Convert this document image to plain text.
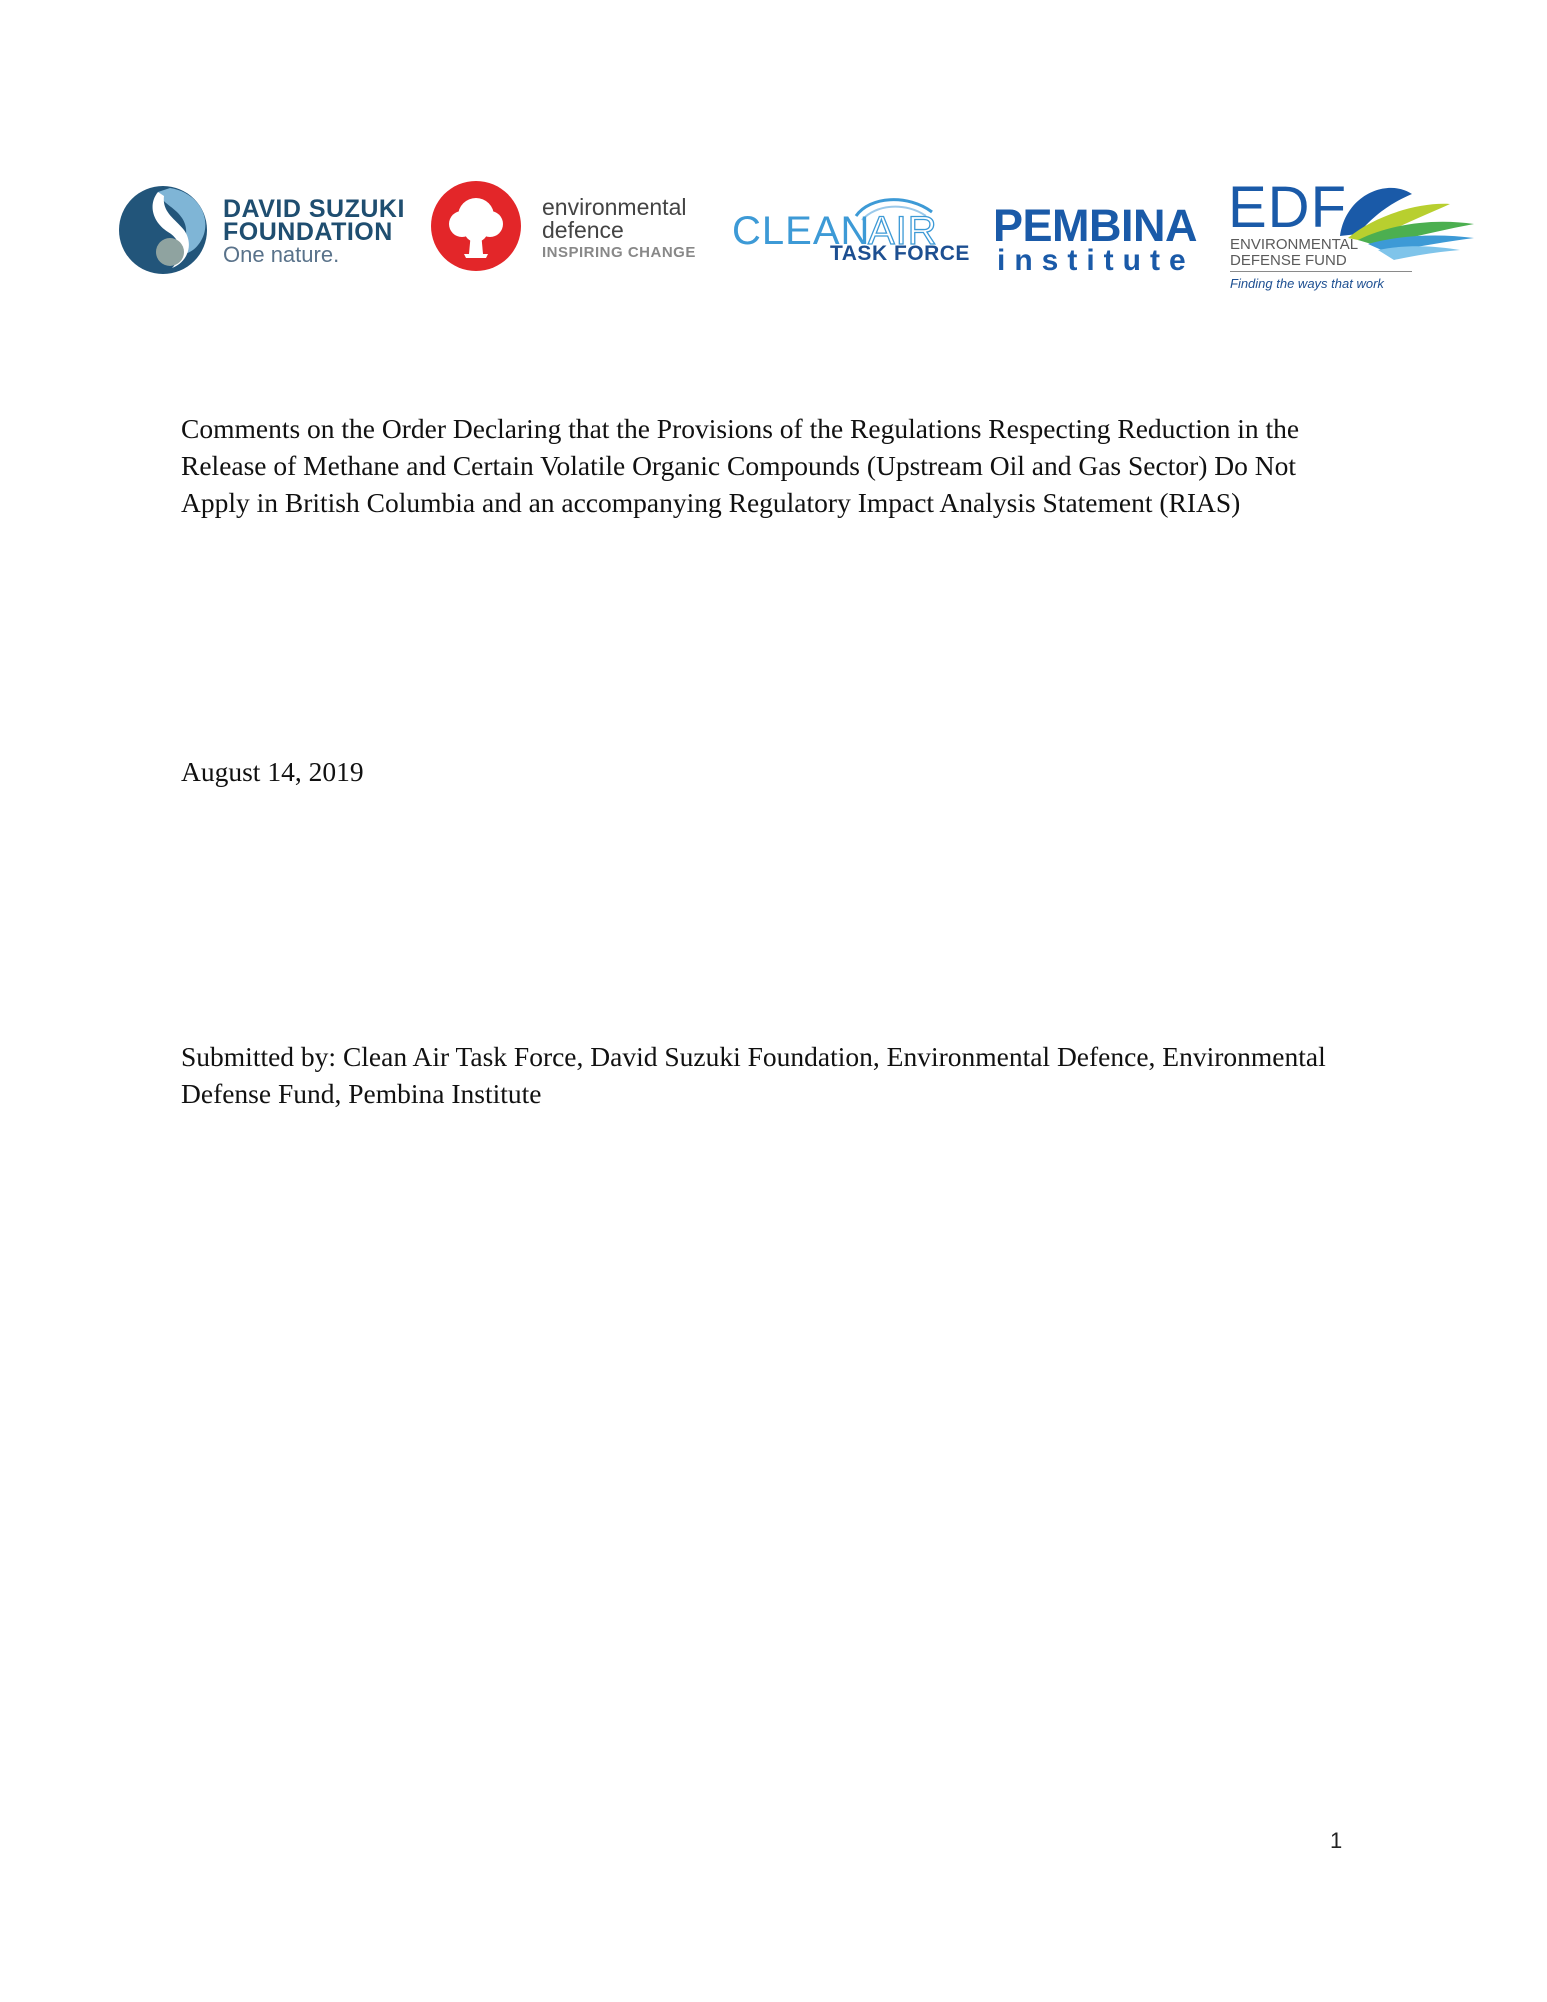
DAVID SUZUKI
FOUNDATION
One nature.
environmental
defence
INSPIRING CHANGE CLEAN
AIR
TASK FORCE
PEMBINA
institute
EDF
ENVIRONMENTAL
DEFENSE FUND
Finding the ways that work

Comments on the Order Declaring that the Provisions of the Regulations Respecting Reduction in the Release of Methane and Certain Volatile Organic Compounds (Upstream Oil and Gas Sector) Do Not Apply in British Columbia and an accompanying Regulatory Impact Analysis Statement (RIAS)

August 14, 2019

Submitted by: Clean Air Task Force, David Suzuki Foundation, Environmental Defence, Environmental Defense Fund, Pembina Institute

1
